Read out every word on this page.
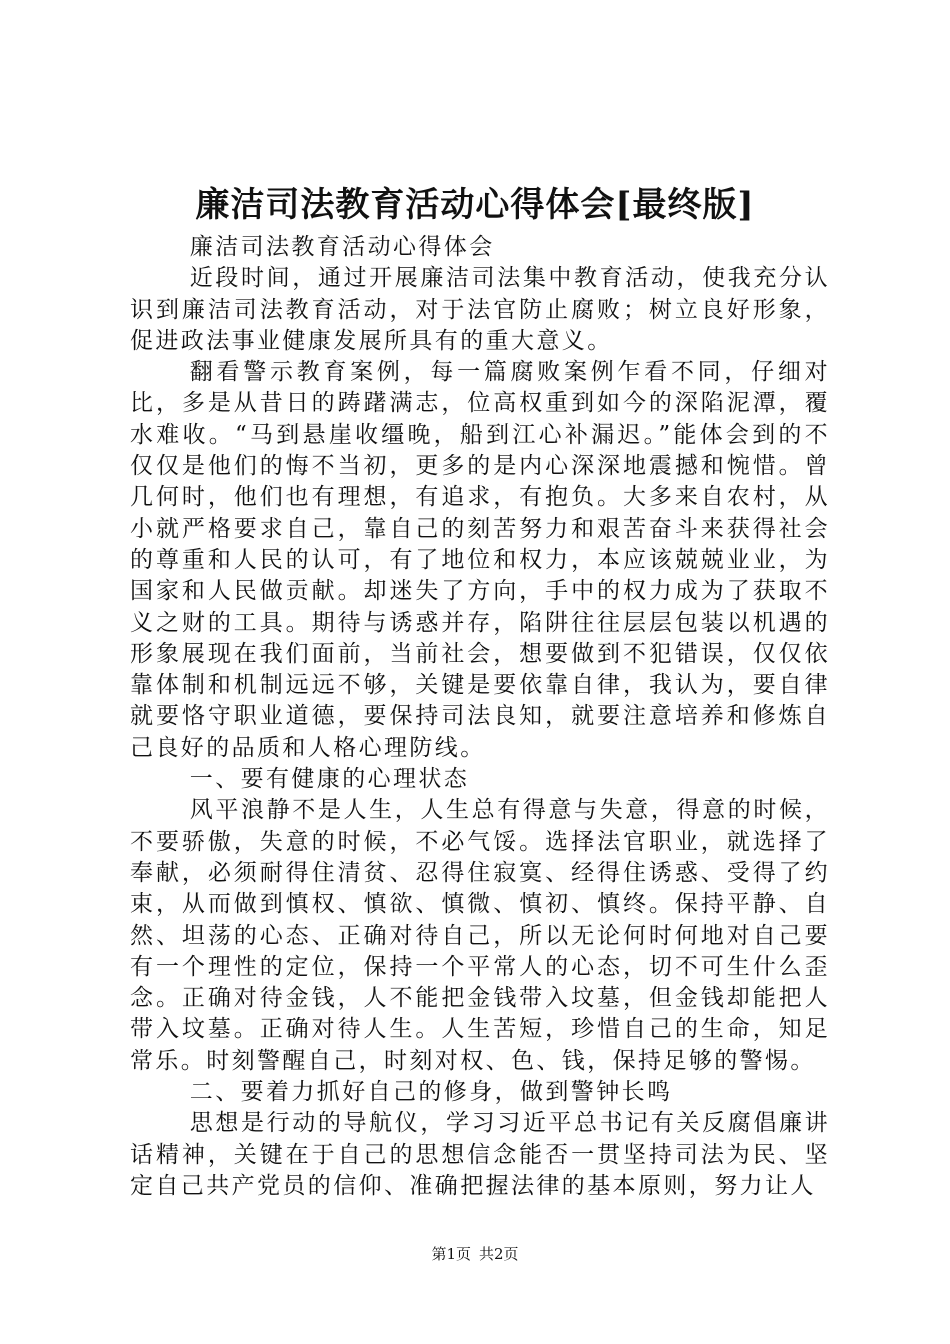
廉洁司法教育活动心得体会[最终版]

廉洁司法教育活动心得体会

近段时间，通过开展廉洁司法集中教育活动，使我充分认识到廉洁司法教育活动，对于法官防止腐败；树立良好形象，促进政法事业健康发展所具有的重大意义。

翻看警示教育案例，每一篇腐败案例乍看不同，仔细对比，多是从昔日的踌躇满志，位高权重到如今的深陷泥潭，覆水难收。“马到悬崖收缰晚，船到江心补漏迟。”能体会到的不仅仅是他们的悔不当初，更多的是内心深深地震撼和惋惜。曾几何时，他们也有理想，有追求，有抱负。大多来自农村，从小就严格要求自己，靠自己的刻苦努力和艰苦奋斗来获得社会的尊重和人民的认可，有了地位和权力，本应该兢兢业业，为国家和人民做贡献。却迷失了方向，手中的权力成为了获取不义之财的工具。期待与诱惑并存，陷阱往往层层包装以机遇的形象展现在我们面前，当前社会，想要做到不犯错误，仅仅依靠体制和机制远远不够，关键是要依靠自律，我认为，要自律就要恪守职业道德，要保持司法良知，就要注意培养和修炼自己良好的品质和人格心理防线。

一、要有健康的心理状态

风平浪静不是人生，人生总有得意与失意，得意的时候，不要骄傲，失意的时候，不必气馁。选择法官职业，就选择了奉献，必须耐得住清贫、忍得住寂寞、经得住诱惑、受得了约束，从而做到慎权、慎欲、慎微、慎初、慎终。保持平静、自然、坦荡的心态、正确对待自己，所以无论何时何地对自己要有一个理性的定位，保持一个平常人的心态，切不可生什么歪念。正确对待金钱，人不能把金钱带入坟墓，但金钱却能把人带入坟墓。正确对待人生。人生苦短，珍惜自己的生命，知足常乐。时刻警醒自己，时刻对权、色、钱，保持足够的警惕。

二、要着力抓好自己的修身，做到警钟长鸣

思想是行动的导航仪，学习习近平总书记有关反腐倡廉讲话精神，关键在于自己的思想信念能否一贯坚持司法为民、坚定自己共产党员的信仰、准确把握法律的基本原则，努力让人

第1页 共2页
